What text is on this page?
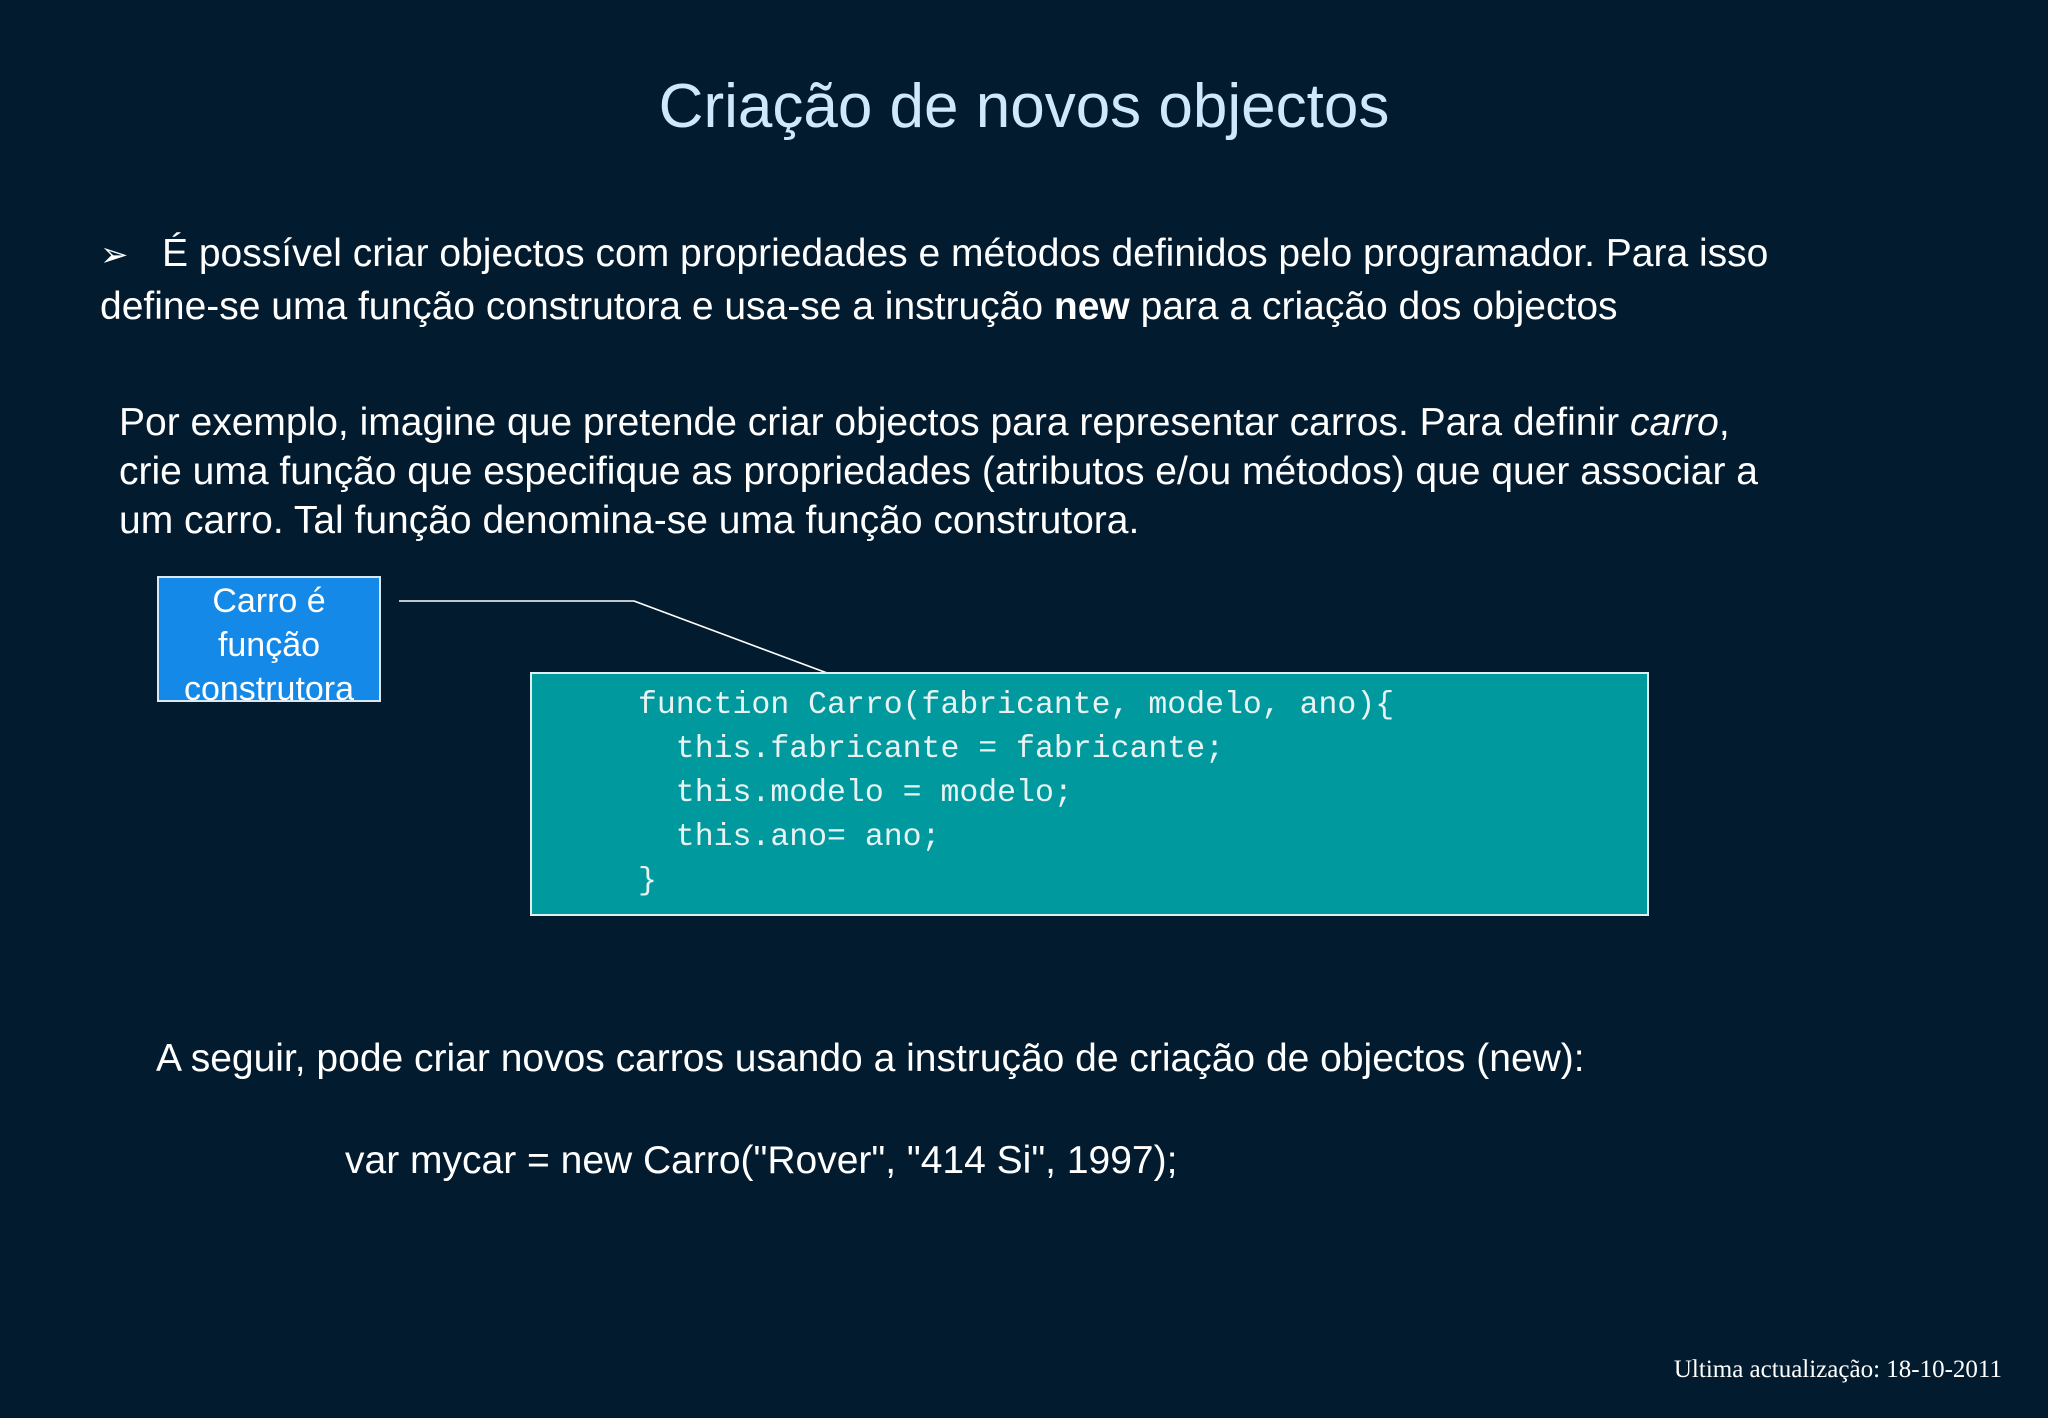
Criação de novos objectos
➢ É possível criar objectos com propriedades e métodos definidos pelo programador. Para isso
define-se uma função construtora e usa-se a instrução new para a criação dos objectos
Por exemplo, imagine que pretende criar objectos para representar carros. Para definir carro,
crie uma função que especifique as propriedades (atributos e/ou métodos) que quer associar a
um carro. Tal função denomina-se uma função construtora.
Carro é
função
construtora	function Carro(fabricante, modelo, ano){
this.fabricante = fabricante;
this.modelo = modelo;
this.ano= ano;
}
A seguir, pode criar novos carros usando a instrução de criação de objectos (new):
var mycar = new Carro("Rover", "414 Si", 1997);
Ultima actualização: 18-10-2011
